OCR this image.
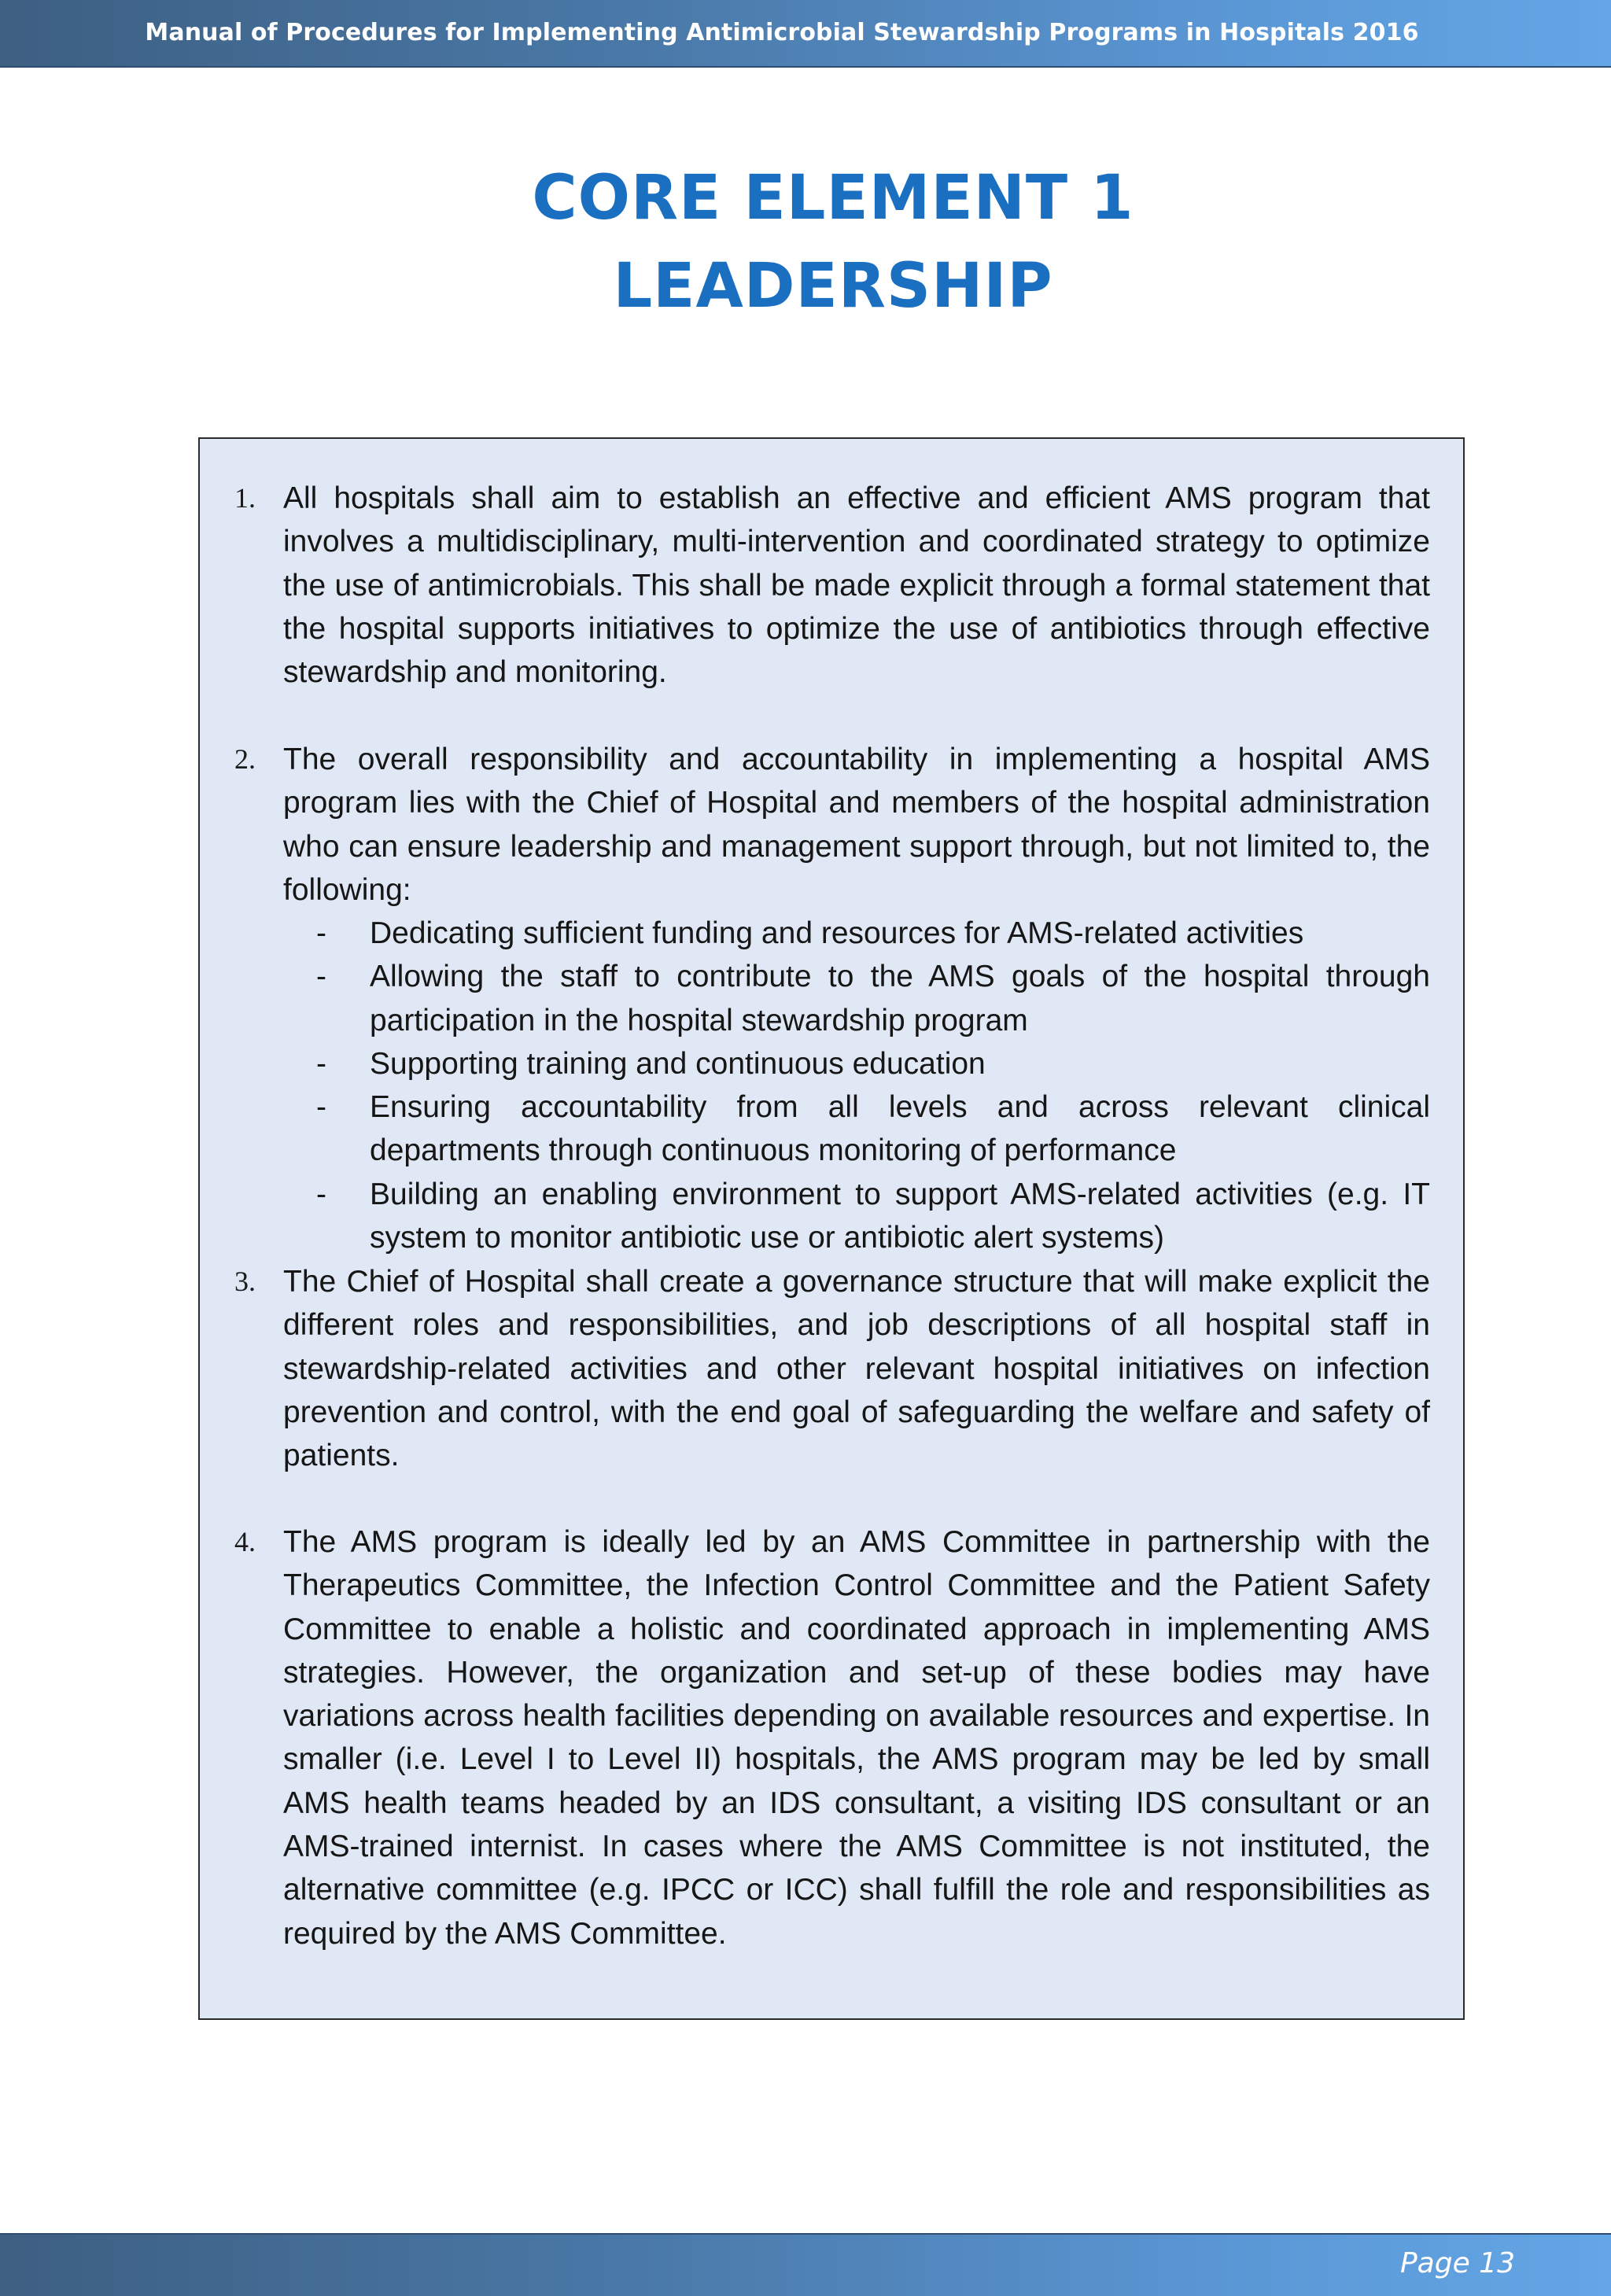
Manual of Procedures for Implementing Antimicrobial Stewardship Programs in Hospitals 2016
CORE ELEMENT 1
LEADERSHIP
1. All hospitals shall aim to establish an effective and efficient AMS program that involves a multidisciplinary, multi-intervention and coordinated strategy to optimize the use of antimicrobials. This shall be made explicit through a formal statement that the hospital supports initiatives to optimize the use of antibiotics through effective stewardship and monitoring.
2. The overall responsibility and accountability in implementing a hospital AMS program lies with the Chief of Hospital and members of the hospital administration who can ensure leadership and management support through, but not limited to, the following:
- Dedicating sufficient funding and resources for AMS-related activities
- Allowing the staff to contribute to the AMS goals of the hospital through participation in the hospital stewardship program
- Supporting training and continuous education
- Ensuring accountability from all levels and across relevant clinical departments through continuous monitoring of performance
- Building an enabling environment to support AMS-related activities (e.g. IT system to monitor antibiotic use or antibiotic alert systems)
3. The Chief of Hospital shall create a governance structure that will make explicit the different roles and responsibilities, and job descriptions of all hospital staff in stewardship-related activities and other relevant hospital initiatives on infection prevention and control, with the end goal of safeguarding the welfare and safety of patients.
4. The AMS program is ideally led by an AMS Committee in partnership with the Therapeutics Committee, the Infection Control Committee and the Patient Safety Committee to enable a holistic and coordinated approach in implementing AMS strategies. However, the organization and set-up of these bodies may have variations across health facilities depending on available resources and expertise. In smaller (i.e. Level I to Level II) hospitals, the AMS program may be led by small AMS health teams headed by an IDS consultant, a visiting IDS consultant or an AMS-trained internist. In cases where the AMS Committee is not instituted, the alternative committee (e.g. IPCC or ICC) shall fulfill the role and responsibilities as required by the AMS Committee.
Page 13
